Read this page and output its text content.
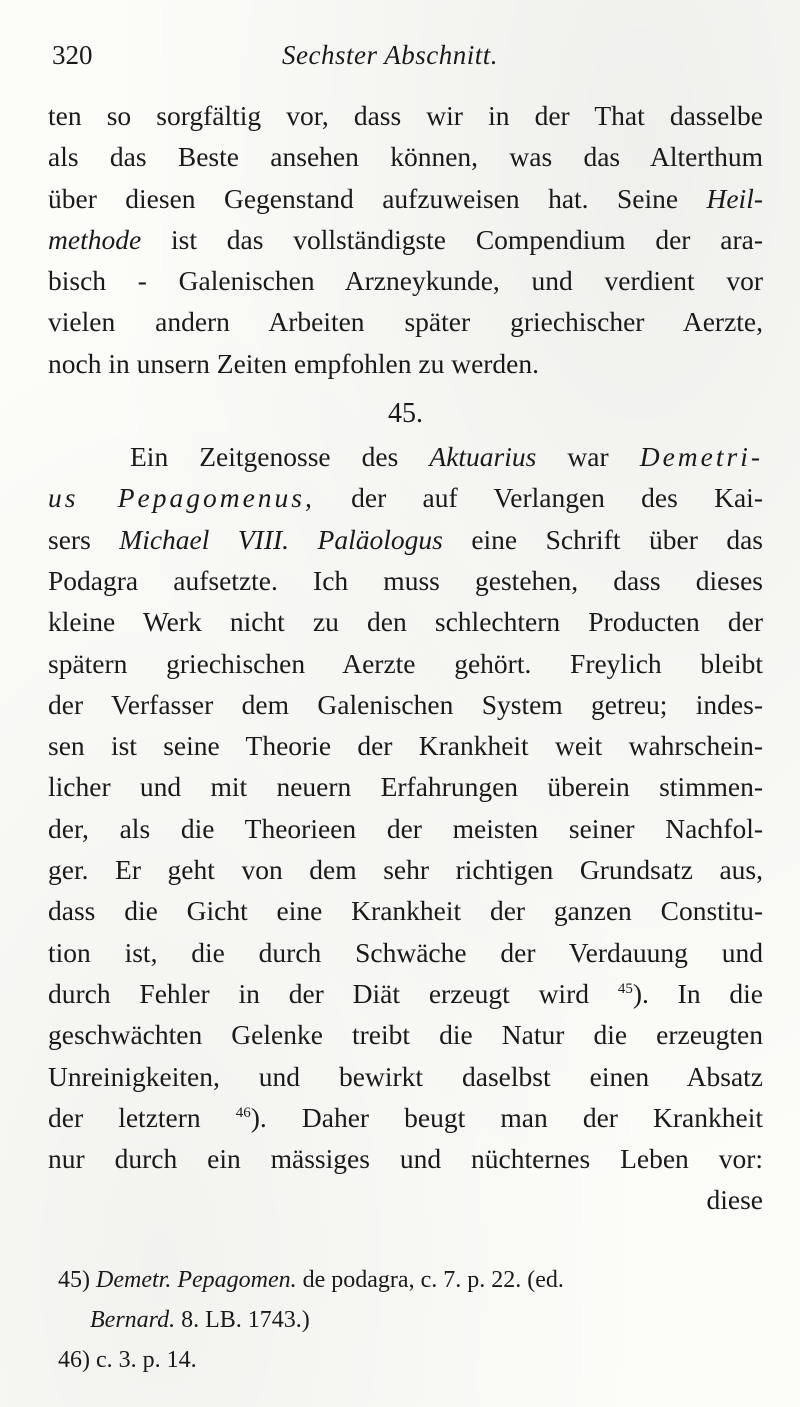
320	Sechster Abschnitt.
ten so sorgfältig vor, dass wir in der That dasselbe
als das Beste ansehen können, was das Alterthum
über diesen Gegenstand aufzuweisen hat. Seine Heil-
methode ist das vollständigste Compendium der ara-
bisch - Galenischen Arzneykunde, und verdient vor
vielen andern Arbeiten später griechischer Aerzte,
noch in unsern Zeiten empfohlen zu werden.
45.
Ein Zeitgenosse des Aktuarius war Demetri-
us Pepagomenus, der auf Verlangen des Kai-
sers Michael VIII. Paläologus eine Schrift über das
Podagra aufsetzte. Ich muss gestehen, dass dieses
kleine Werk nicht zu den schlechtern Producten der
spätern griechischen Aerzte gehört. Freylich bleibt
der Verfasser dem Galenischen System getreu; indes-
sen ist seine Theorie der Krankheit weit wahrschein-
licher und mit neuern Erfahrungen überein stimmen-
der, als die Theorieen der meisten seiner Nachfol-
ger. Er geht von dem sehr richtigen Grundsatz aus,
dass die Gicht eine Krankheit der ganzen Constitu-
tion ist, die durch Schwäche der Verdauung und
durch Fehler in der Diät erzeugt wird $^{45}$). In die
geschwächten Gelenke treibt die Natur die erzeugten
Unreinigkeiten, und bewirkt daselbst einen Absatz
der letztern $^{46}$). Daher beugt man der Krankheit
nur durch ein mässiges und nüchternes Leben vor:
diese
45) Demetr. Pepagomen. de podagra, c. 7. p. 22. (ed.
Bernard. 8. LB. 1743.)
46) c. 3. p. 14.
